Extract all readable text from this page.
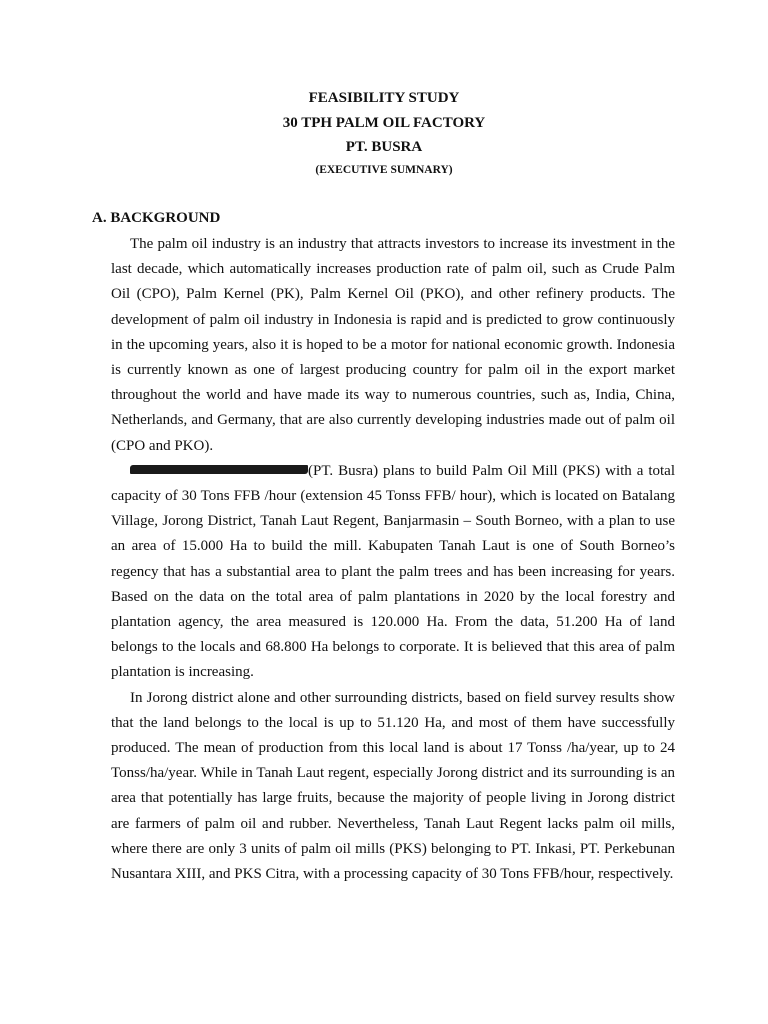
FEASIBILITY STUDY
30 TPH PALM OIL FACTORY
PT. BUSRA
(EXECUTIVE SUMNARY)
A. BACKGROUND

The palm oil industry is an industry that attracts investors to increase its investment in the last decade, which automatically increases production rate of palm oil, such as Crude Palm Oil (CPO), Palm Kernel (PK), Palm Kernel Oil (PKO), and other refinery products. The development of palm oil industry in Indonesia is rapid and is predicted to grow continuously in the upcoming years, also it is hoped to be a motor for national economic growth. Indonesia is currently known as one of largest producing country for palm oil in the export market throughout the world and have made its way to numerous countries, such as, India, China, Netherlands, and Germany, that are also currently developing industries made out of palm oil (CPO and PKO).

(PT. Busra) plans to build Palm Oil Mill (PKS) with a total capacity of 30 Tons FFB /hour (extension 45 Tonss FFB/ hour), which is located on Batalang Village, Jorong District, Tanah Laut Regent, Banjarmasin – South Borneo, with a plan to use an area of 15.000 Ha to build the mill. Kabupaten Tanah Laut is one of South Borneo’s regency that has a substantial area to plant the palm trees and has been increasing for years. Based on the data on the total area of palm plantations in 2020 by the local forestry and plantation agency, the area measured is 120.000 Ha. From the data, 51.200 Ha of land belongs to the locals and 68.800 Ha belongs to corporate. It is believed that this area of palm plantation is increasing.

In Jorong district alone and other surrounding districts, based on field survey results show that the land belongs to the local is up to 51.120 Ha, and most of them have successfully produced. The mean of production from this local land is about 17 Tonss /ha/year, up to 24 Tonss/ha/year. While in Tanah Laut regent, especially Jorong district and its surrounding is an area that potentially has large fruits, because the majority of people living in Jorong district are farmers of palm oil and rubber. Nevertheless, Tanah Laut Regent lacks palm oil mills, where there are only 3 units of palm oil mills (PKS) belonging to PT. Inkasi, PT. Perkebunan Nusantara XIII, and PKS Citra, with a processing capacity of 30 Tons FFB/hour, respectively.
